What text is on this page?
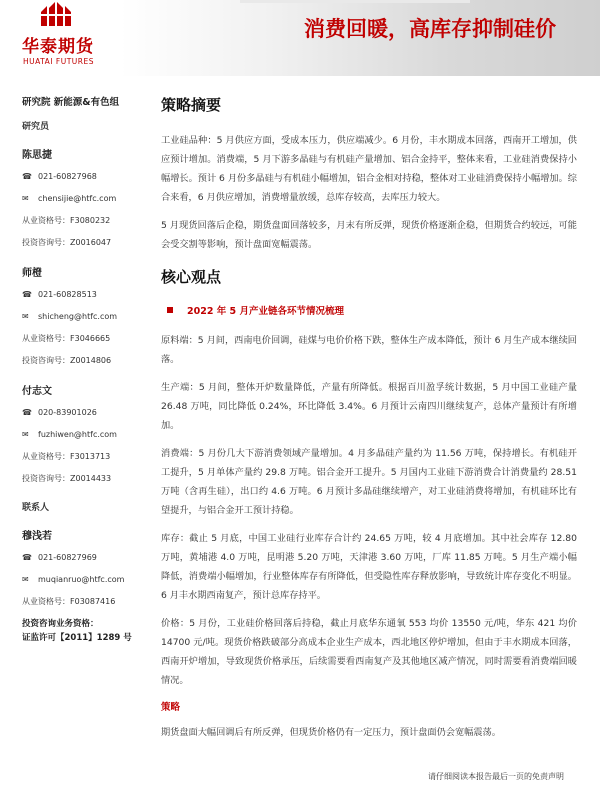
华泰期货
HUATAI FUTURES
消费回暖，高库存抑制硅价
研究院 新能源&有色组
研究员
陈思捷
☎ 021-60827968
✉	chensijie@htfc.com
从业资格号：F3080232
投资咨询号：Z0016047
师橙
☎ 021-60828513
✉	shicheng@htfc.com
从业资格号：F3046665
投资咨询号：Z0014806
付志文
☎ 020-83901026
✉	fuzhiwen@htfc.com
从业资格号：F3013713
投资咨询号：Z0014433
联系人
穆浅若
☎ 021-60827969
✉	muqianruo@htfc.com
从业资格号：F03087416
投资咨询业务资格：
证监许可【2011】1289 号
策略摘要

工业硅品种：5 月供应方面，受成本压力，供应端减少。6 月份，丰水期成本回落，西南开工增加，供应预计增加。消费端，5 月下游多晶硅与有机硅产量增加、铝合金持平，整体来看，工业硅消费保持小幅增长。预计 6 月份多晶硅与有机硅小幅增加，铝合金相对持稳，整体对工业硅消费保持小幅增加。综合来看，6 月供应增加，消费增量放缓，总库存较高，去库压力较大。

5 月现货回落后企稳，期货盘面回落较多，月末有所反弹，现货价格逐渐企稳，但期货合约较远，可能会受交割等影响，预计盘面宽幅震荡。

核心观点
2022 年 5 月产业链各环节情况梳理

原料端：5 月间，西南电价回调，硅煤与电价价格下跌，整体生产成本降低，预计 6 月生产成本继续回落。

生产端：5 月间，整体开炉数量降低，产量有所降低。根据百川盈孚统计数据，5 月中国工业硅产量 26.48 万吨，同比降低 0.24%，环比降低 3.4%。6 月预计云南四川继续复产，总体产量预计有所增加。

消费端：5 月份几大下游消费领域产量增加。4 月多晶硅产量约为 11.56 万吨，保持增长。有机硅开工提升，5 月单体产量约 29.8 万吨。铝合金开工提升。5 月国内工业硅下游消费合计消费量约 28.51 万吨（含再生硅），出口约 4.6 万吨。6 月预计多晶硅继续增产，对工业硅消费将增加，有机硅环比有望提升，与铝合金开工预计持稳。

库存：截止 5 月底，中国工业硅行业库存合计约 24.65 万吨，较 4 月底增加。其中社会库存 12.80 万吨，黄埔港 4.0 万吨，昆明港 5.20 万吨，天津港 3.60 万吨，厂库 11.85 万吨。5 月生产端小幅降低，消费端小幅增加，行业整体库存有所降低，但受隐性库存释放影响，导致统计库存变化不明显。6 月丰水期西南复产，预计总库存持平。

价格：5 月份，工业硅价格回落后持稳，截止月底华东通氧 553 均价 13550 元/吨，华东 421 均价 14700 元/吨。现货价格跌破部分高成本企业生产成本，西北地区停炉增加，但由于丰水期成本回落，西南开炉增加，导致现货价格承压，后续需要看西南复产及其他地区减产情况，同时需要看消费端回暖情况。

策略

期货盘面大幅回调后有所反弹，但现货价格仍有一定压力，预计盘面仍会宽幅震荡。

请仔细阅读本报告最后一页的免责声明
